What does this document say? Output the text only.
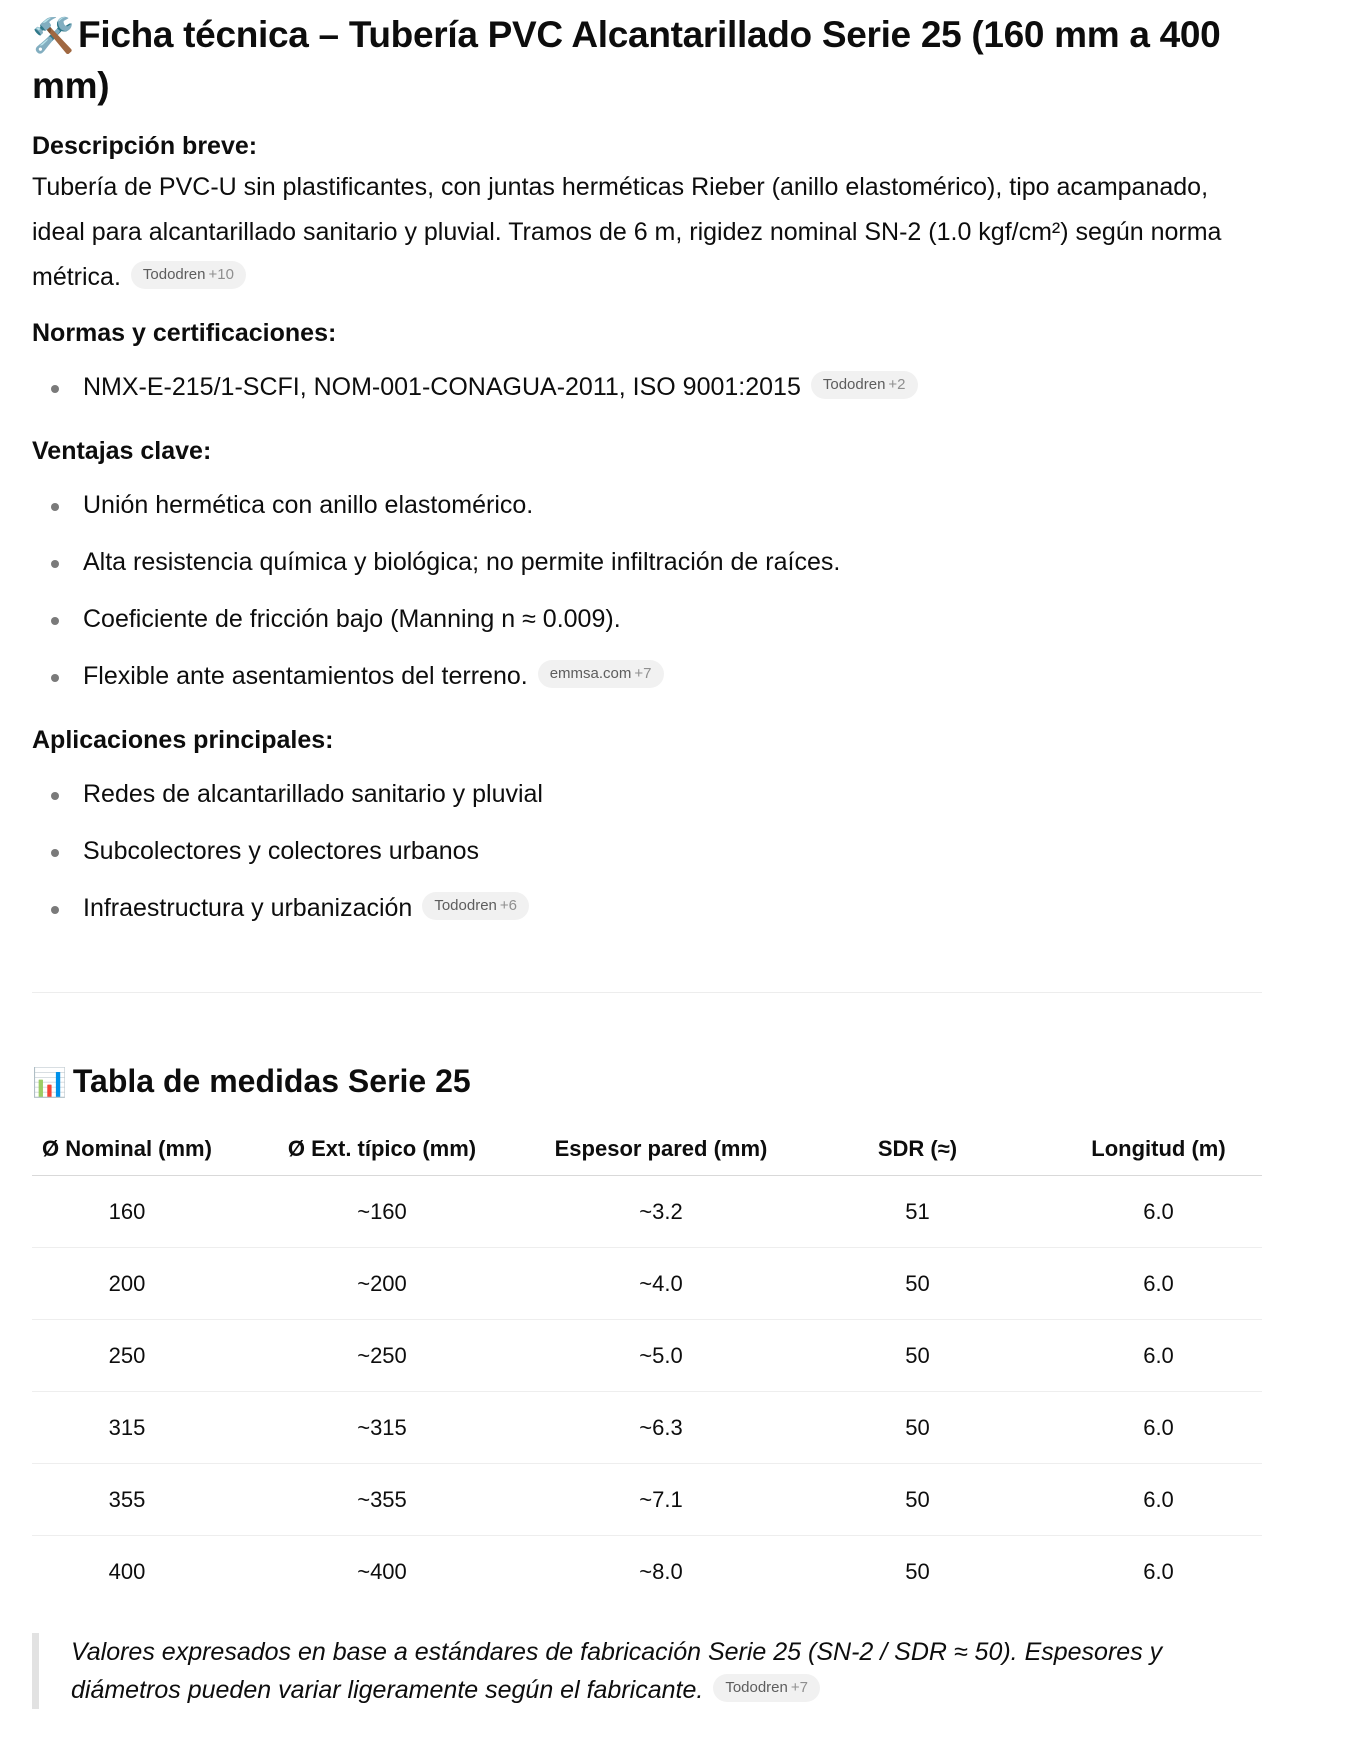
🛠️ Ficha técnica – Tubería PVC Alcantarillado Serie 25 (160 mm a 400 mm)
Descripción breve:

Tubería de PVC-U sin plastificantes, con juntas herméticas Rieber (anillo elastomérico), tipo acampanado, ideal para alcantarillado sanitario y pluvial. Tramos de 6 m, rigidez nominal SN-2 (1.0 kgf/cm²) según norma métrica. Tododren +10

Normas y certificaciones:
NMX-E-215/1-SCFI, NOM-001-CONAGUA-2011, ISO 9001:2015 Tododren +2
Ventajas clave:
Unión hermética con anillo elastomérico.
Alta resistencia química y biológica; no permite infiltración de raíces.
Coeficiente de fricción bajo (Manning n ≈ 0.009).
Flexible ante asentamientos del terreno. emmsa.com +7
Aplicaciones principales:
Redes de alcantarillado sanitario y pluvial
Subcolectores y colectores urbanos
Infraestructura y urbanización Tododren +6
📊 Tabla de medidas Serie 25
Ø Nominal (mm)	Ø Ext. típico (mm)	Espesor pared (mm)	SDR (≈)	Longitud (m)
160	~160	~3.2	51	6.0
200	~200	~4.0	50	6.0
250	~250	~5.0	50	6.0
315	~315	~6.3	50	6.0
355	~355	~7.1	50	6.0
400	~400	~8.0	50	6.0
Valores expresados en base a estándares de fabricación Serie 25 (SN-2 / SDR ≈ 50). Espesores y diámetros pueden variar ligeramente según el fabricante. Tododren +7
